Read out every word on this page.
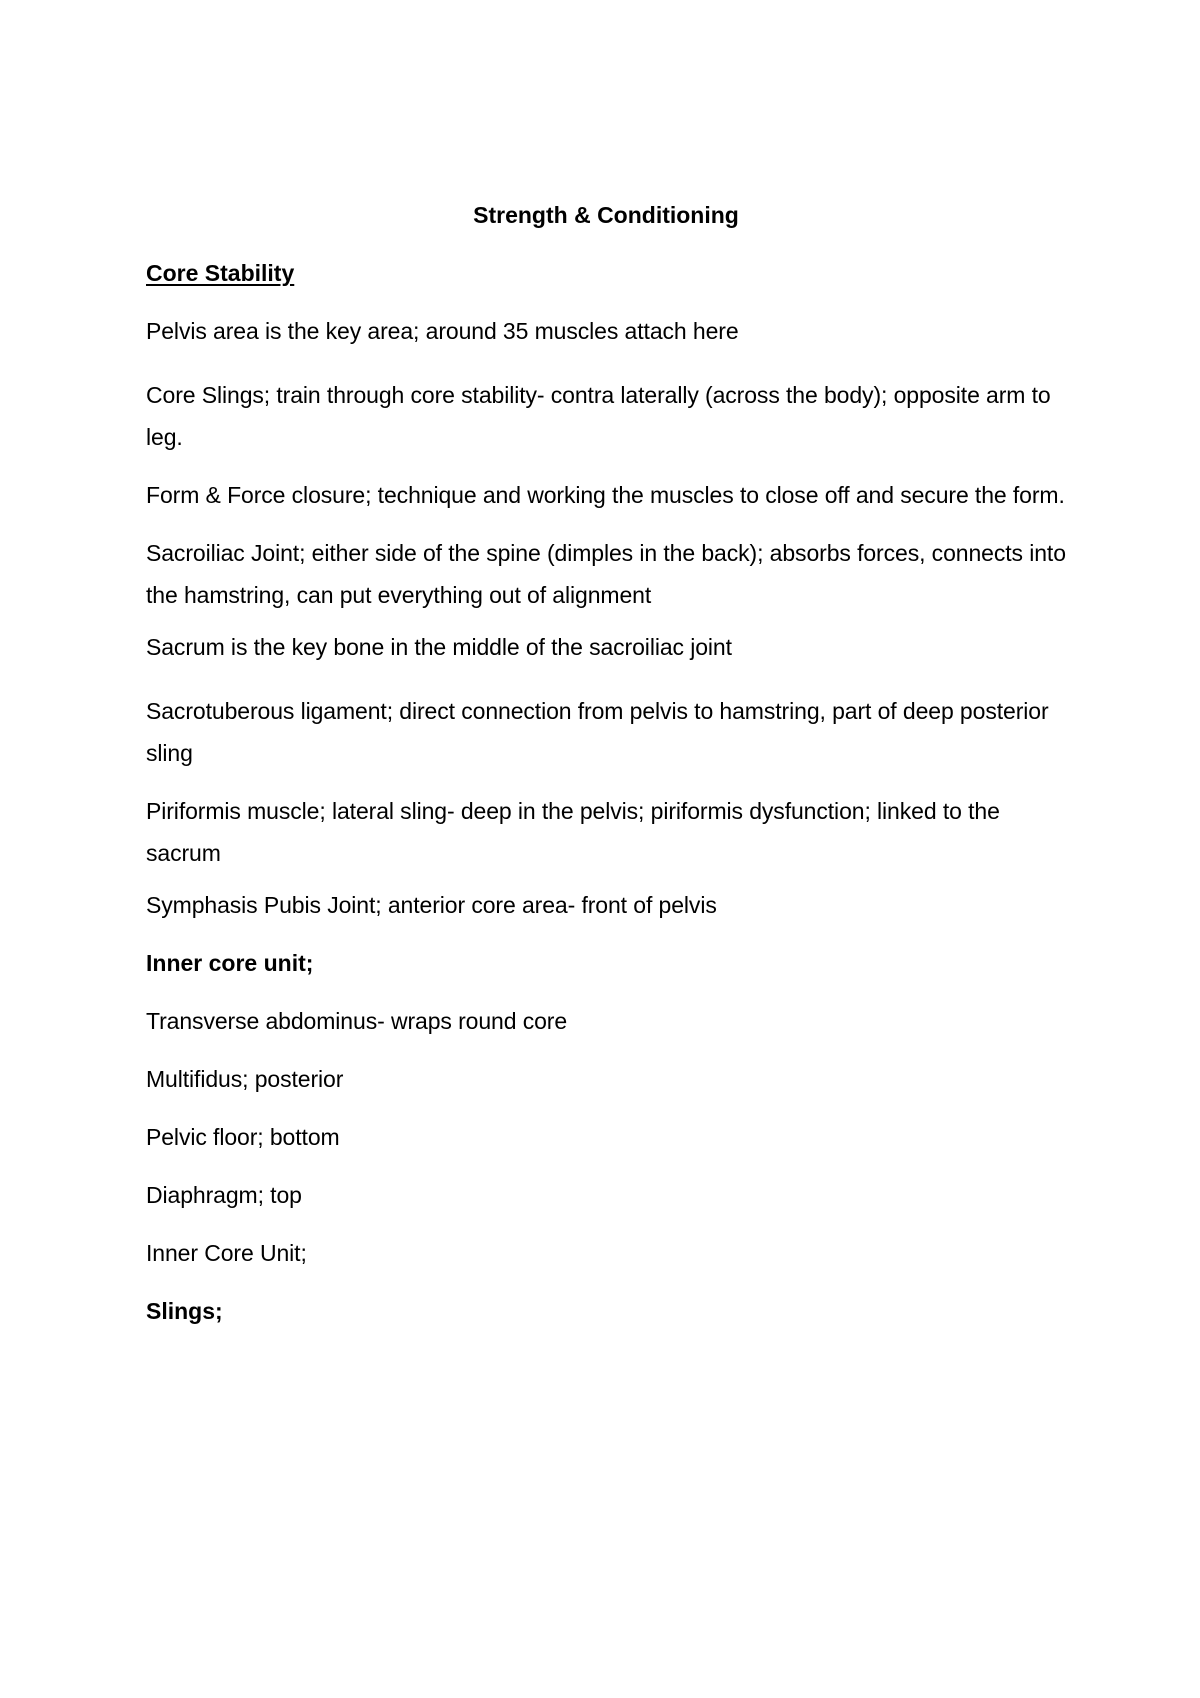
Strength & Conditioning
Core Stability

Pelvis area is the key area; around 35 muscles attach here

Core Slings; train through core stability- contra laterally (across the body); opposite arm to leg.

Form & Force closure; technique and working the muscles to close off and secure the form.

Sacroiliac Joint; either side of the spine (dimples in the back); absorbs forces, connects into the hamstring, can put everything out of alignment

Sacrum is the key bone in the middle of the sacroiliac joint

Sacrotuberous ligament; direct connection from pelvis to hamstring, part of deep posterior sling

Piriformis muscle; lateral sling- deep in the pelvis; piriformis dysfunction; linked to the sacrum

Symphasis Pubis Joint; anterior core area- front of pelvis

Inner core unit;

Transverse abdominus- wraps round core

Multifidus; posterior

Pelvic floor; bottom

Diaphragm; top

Inner Core Unit;

Slings;
